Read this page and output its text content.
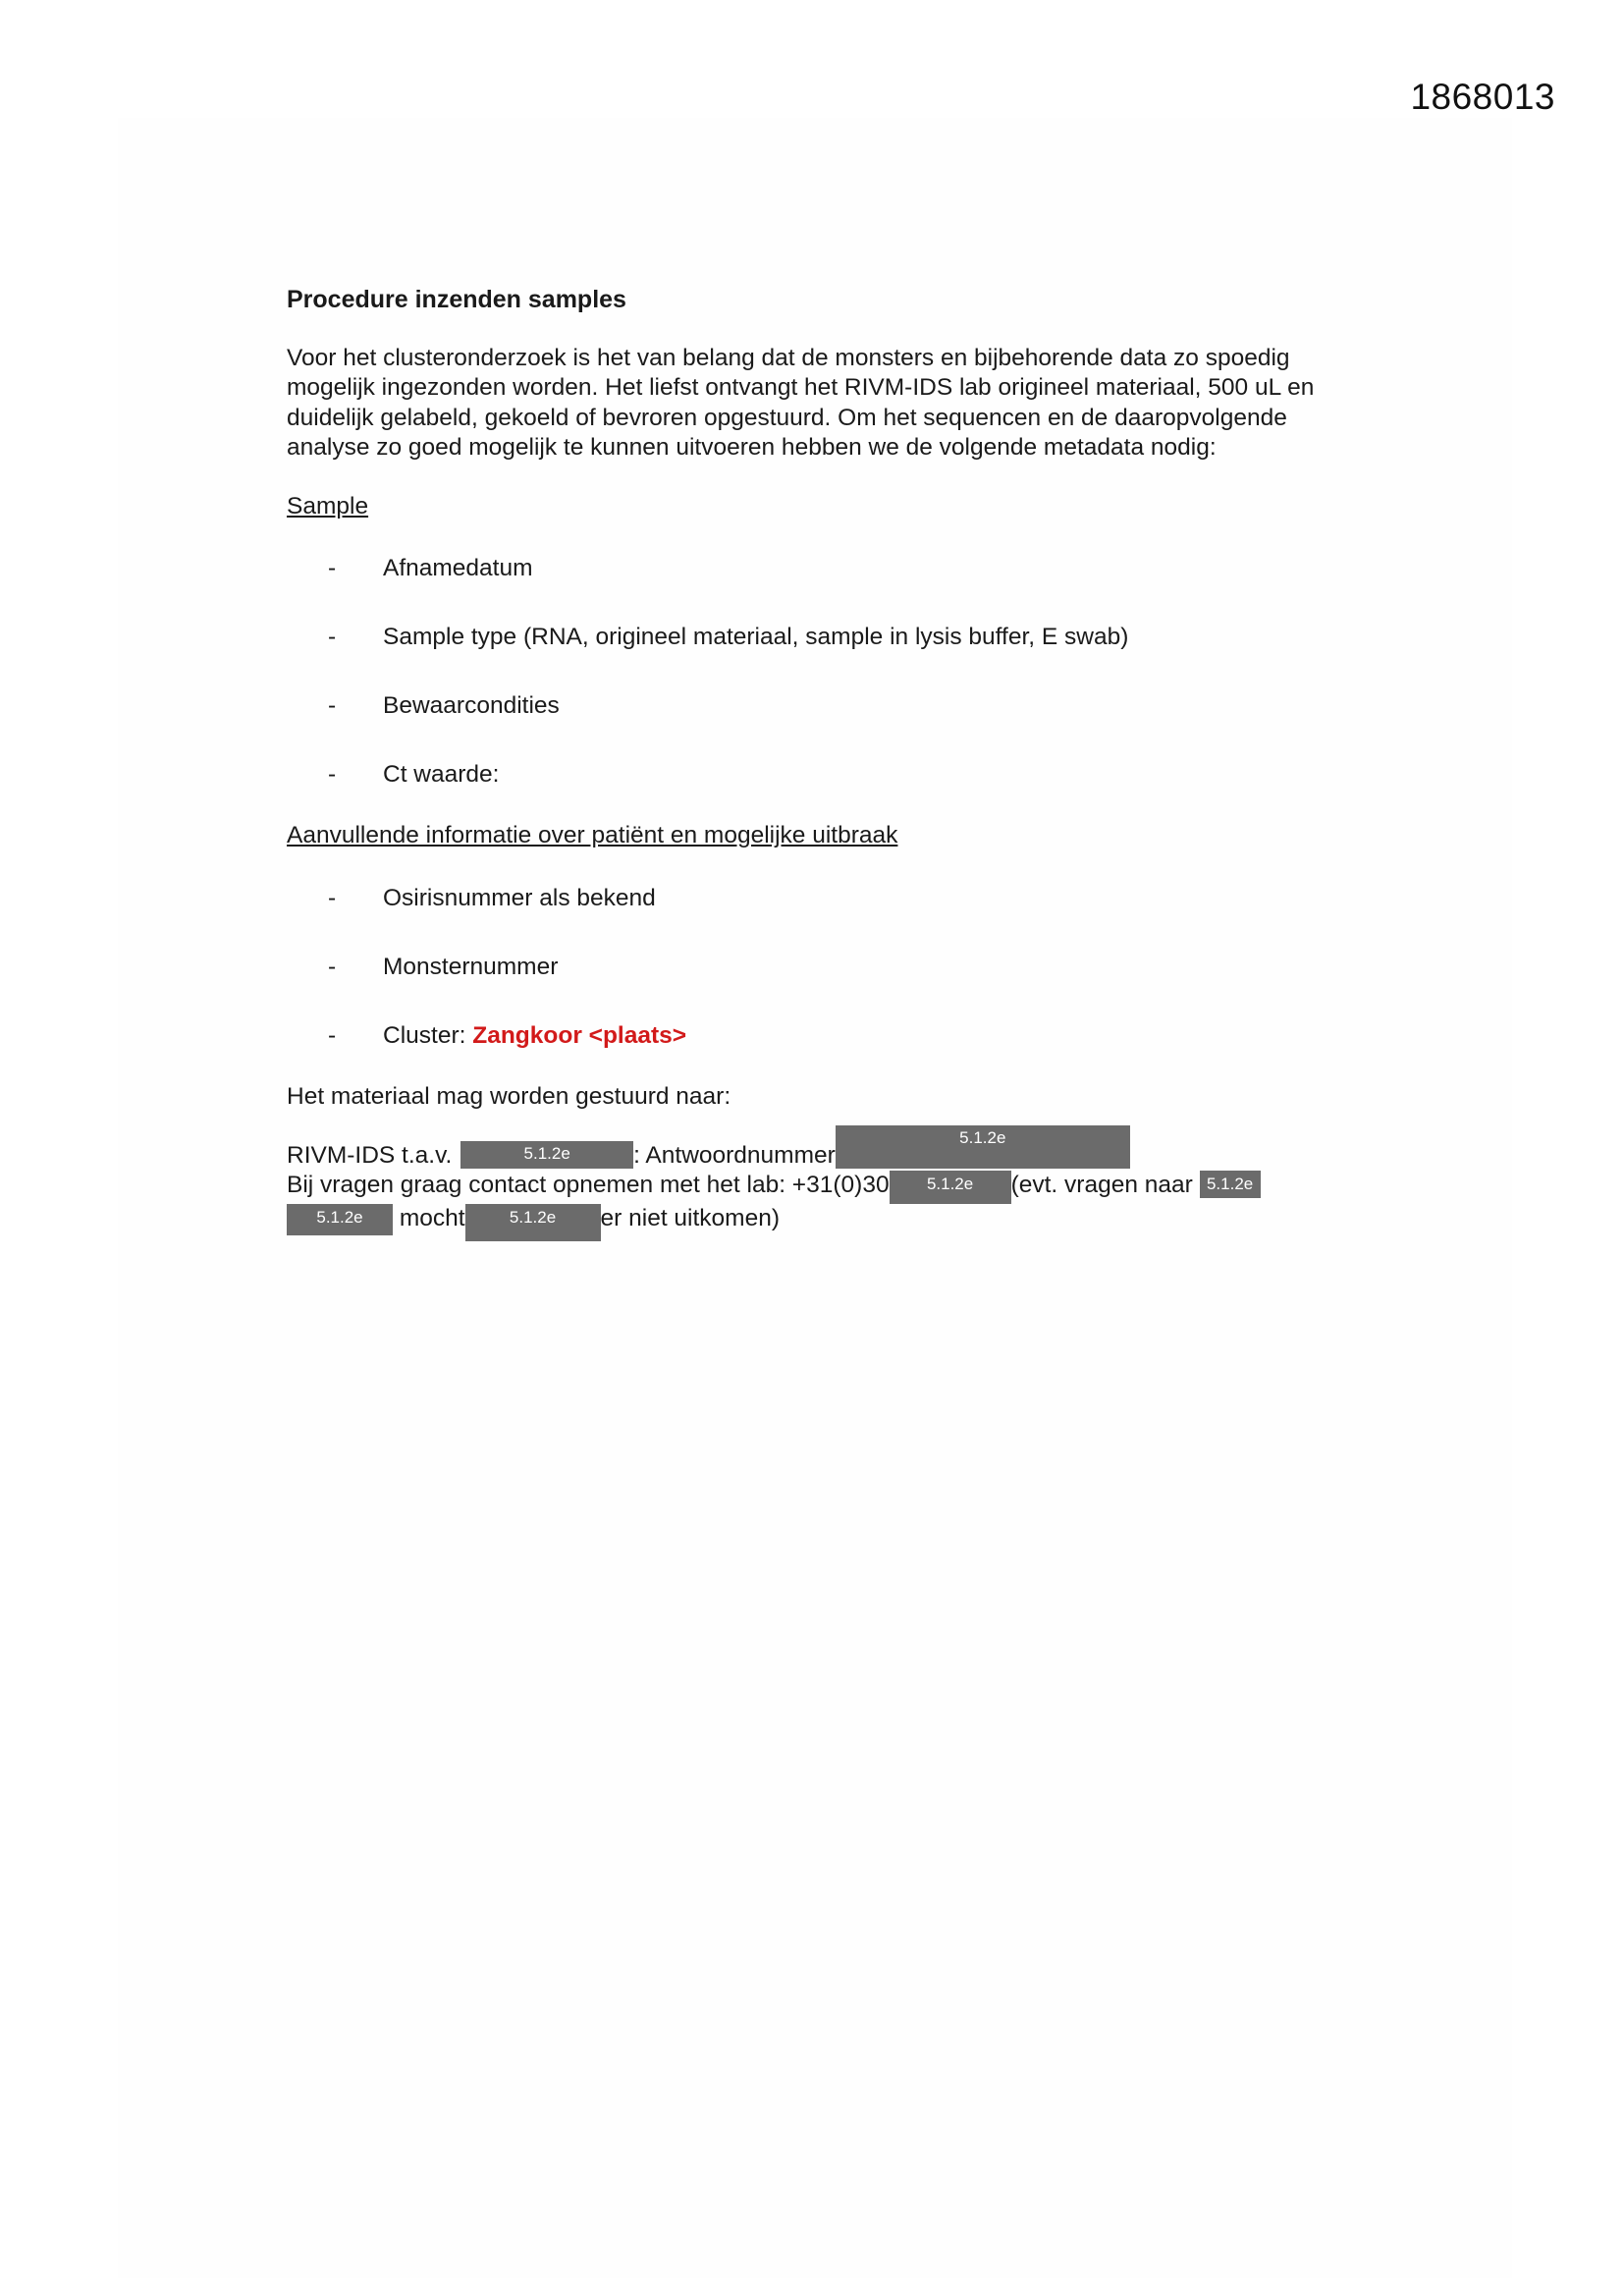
1868013
Procedure inzenden samples
Voor het clusteronderzoek is het van belang dat de monsters en bijbehorende data zo spoedig mogelijk ingezonden worden. Het liefst ontvangt het RIVM-IDS lab origineel materiaal, 500 uL en duidelijk gelabeld, gekoeld of bevroren opgestuurd. Om het sequencen en de daaropvolgende analyse zo goed mogelijk te kunnen uitvoeren hebben we de volgende metadata nodig:
Sample
- Afnamedatum
- Sample type (RNA, origineel materiaal, sample in lysis buffer, E swab)
- Bewaarcondities
- Ct waarde:
Aanvullende informatie over patiënt en mogelijke uitbraak
- Osirisnummer als bekend
- Monsternummer
- Cluster: Zangkoor <plaats>
Het materiaal mag worden gestuurd naar:
RIVM-IDS t.a.v.	5.1.2e	: Antwoordnummer5.1.2e
Bij vragen graag contact opnemen met het lab: +31(0)30 5.1.2e (evt. vragen naar 5.1.2e
5.1.2e mocht	5.1.2e er niet uitkomen)
